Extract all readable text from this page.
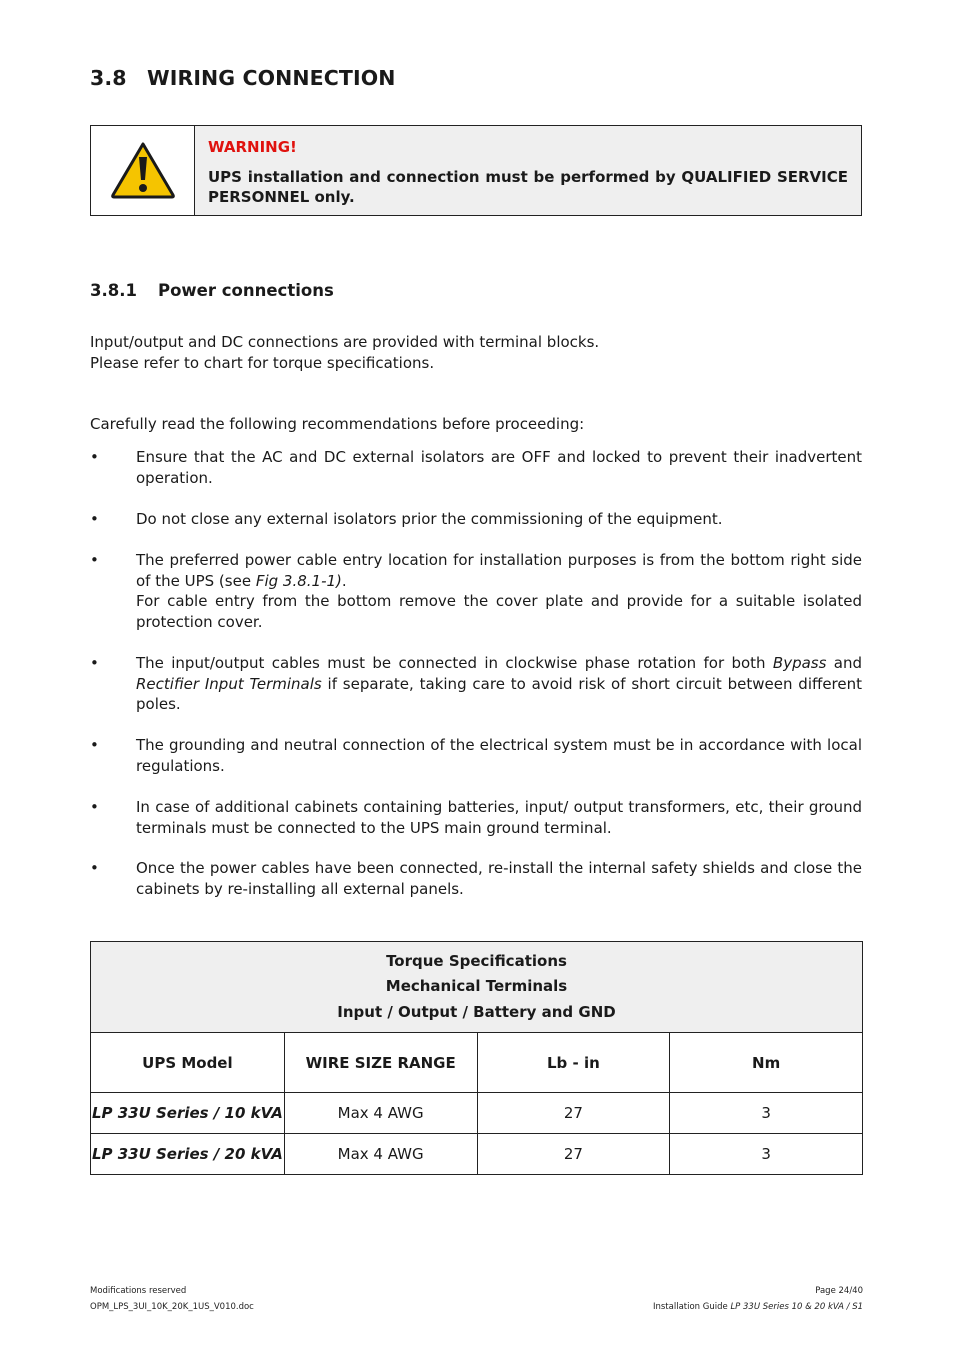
3.8 WIRING CONNECTION
WARNING!
UPS installation and connection must be performed by QUALIFIED SERVICE PERSONNEL only.
3.8.1 Power connections
Input/output and DC connections are provided with terminal blocks.
Please refer to chart for torque specifications.
Carefully read the following recommendations before proceeding:
• Ensure that the AC and DC external isolators are OFF and locked to prevent their inadvertent operation.
• Do not close any external isolators prior the commissioning of the equipment.
• The preferred power cable entry location for installation purposes is from the bottom right side of the UPS (see Fig 3.8.1-1).
For cable entry from the bottom remove the cover plate and provide for a suitable isolated protection cover.
• The input/output cables must be connected in clockwise phase rotation for both Bypass and Rectifier Input Terminals if separate, taking care to avoid risk of short circuit between different poles.
• The grounding and neutral connection of the electrical system must be in accordance with local regulations.
• In case of additional cabinets containing batteries, input/ output transformers, etc, their ground terminals must be connected to the UPS main ground terminal.
• Once the power cables have been connected, re-install the internal safety shields and close the cabinets by re-installing all external panels.
Torque Specifications
Mechanical Terminals
Input / Output / Battery and GND			

UPS Model	WIRE SIZE RANGE	Lb - in	Nm
LP 33U Series / 10 kVA	Max 4 AWG	27	3
LP 33U Series / 20 kVA	Max 4 AWG	27	3
Modifications reserved
OPM_LPS_3UI_10K_20K_1US_V010.doc
Page 24/40
Installation Guide LP 33U Series 10 & 20 kVA / S1
